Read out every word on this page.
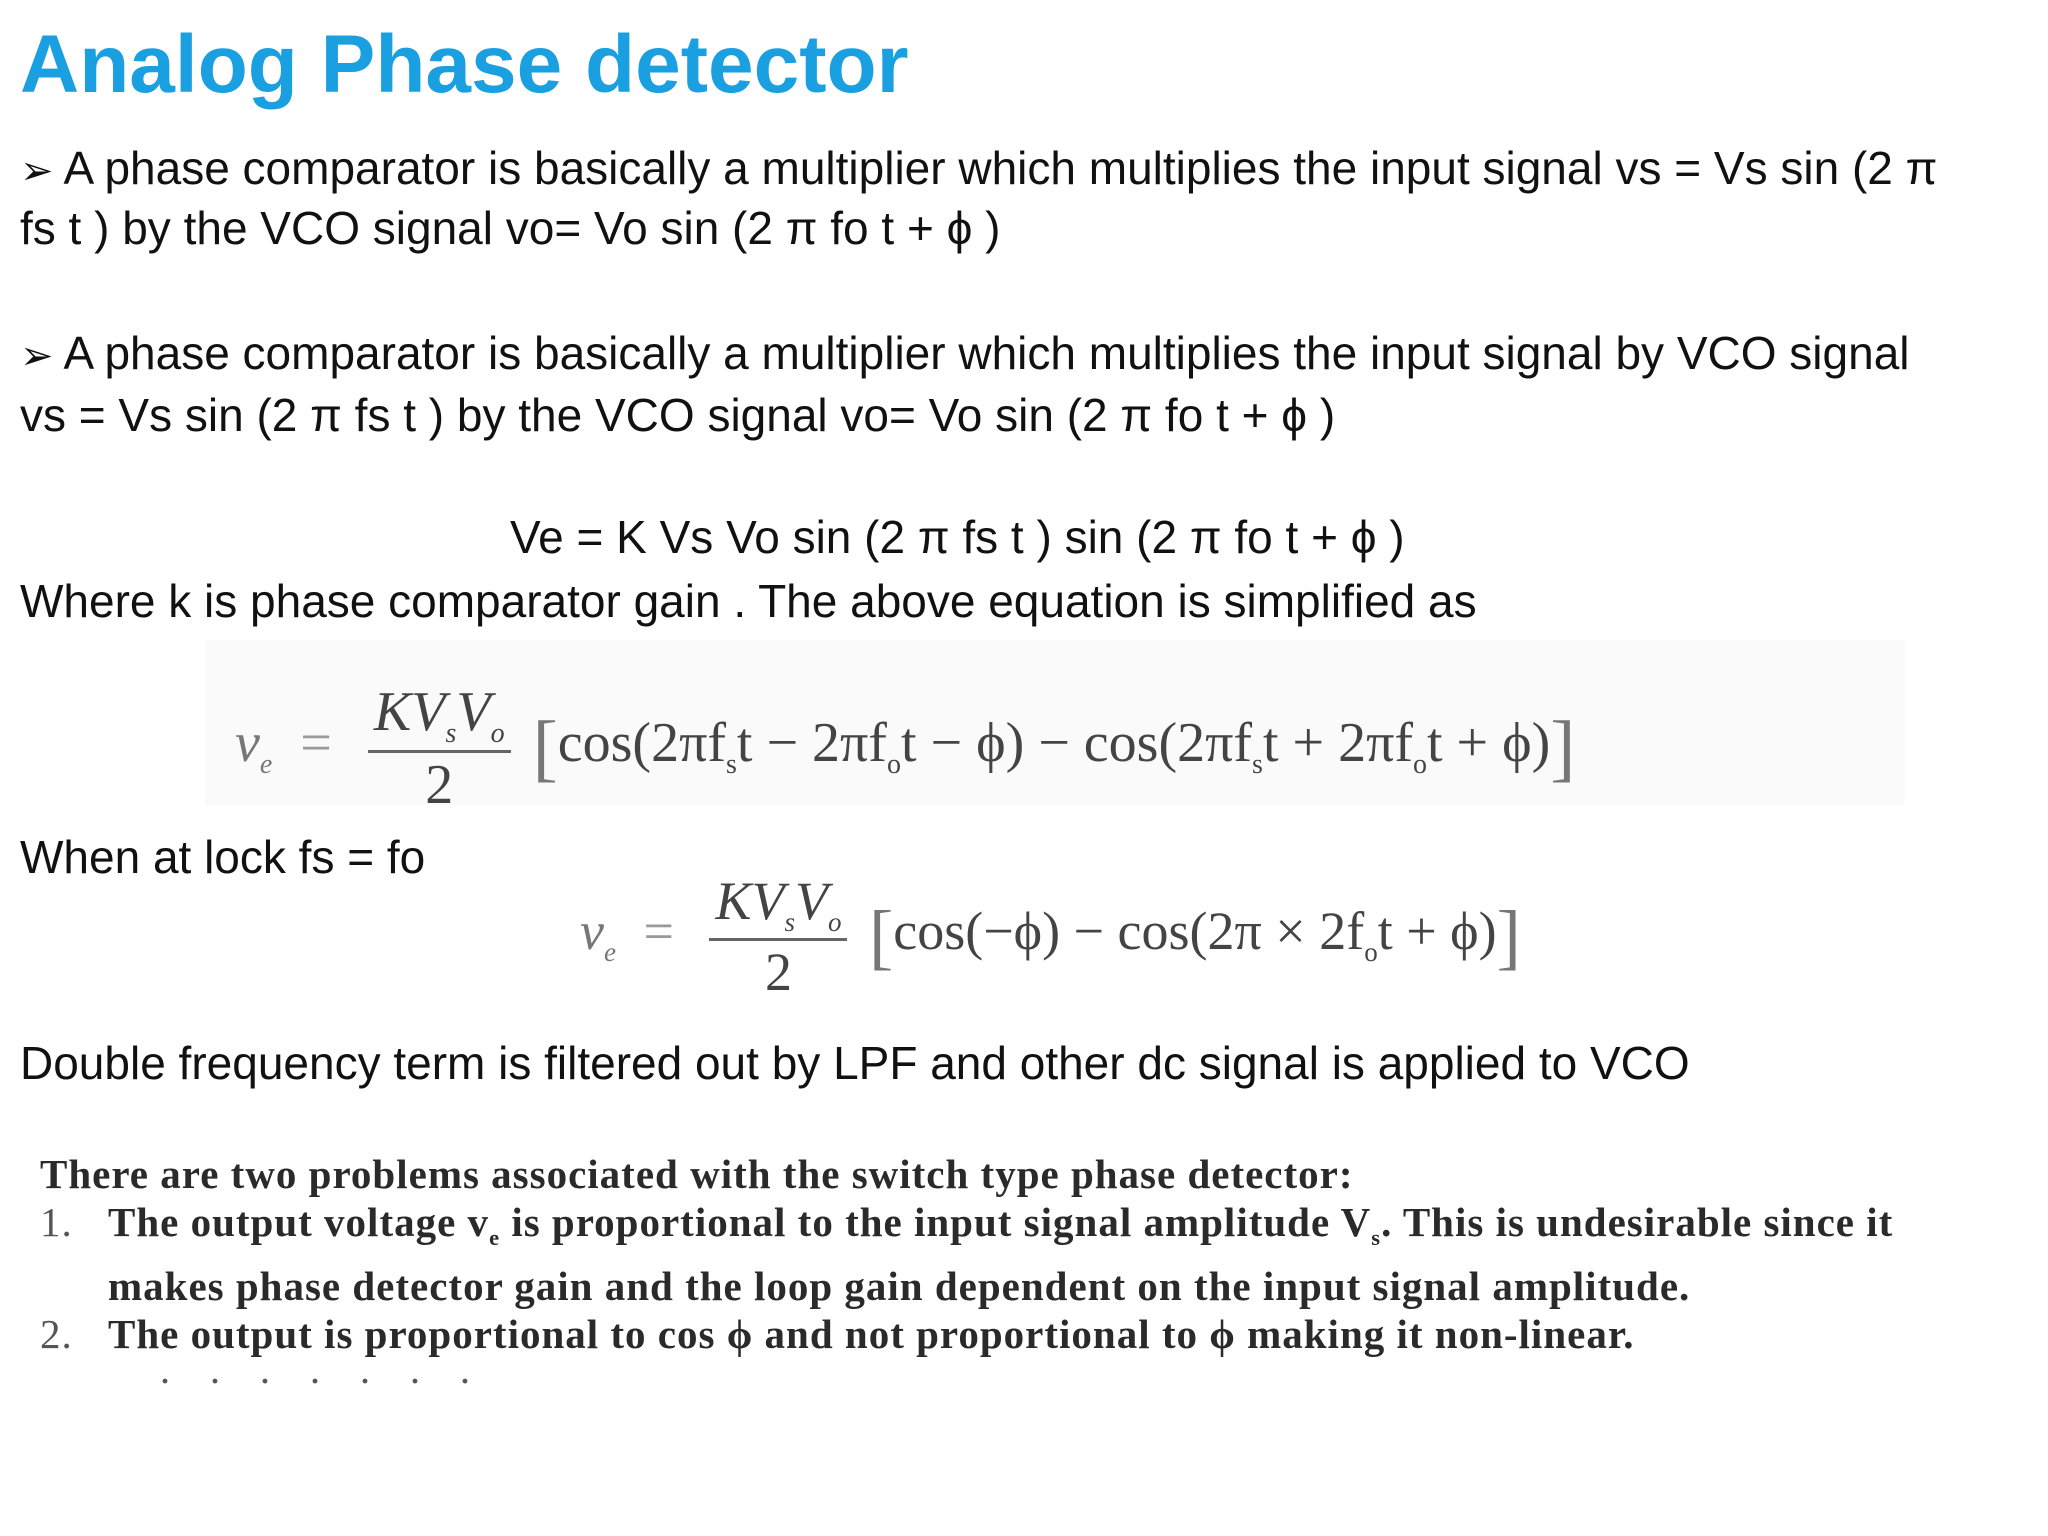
Analog Phase detector
➢ A phase comparator is basically a multiplier which multiplies the input signal vs = Vs sin (2 π
fs t ) by the VCO signal vo= Vo sin (2 π fo t + ϕ )
➢ A phase comparator is basically a multiplier which multiplies the input signal by VCO signal
vs = Vs sin (2 π fs t ) by the VCO signal vo= Vo sin (2 π fo t + ϕ )
Ve = K Vs Vo sin (2 π fs t ) sin (2 π fo t + ϕ )
Where k is phase comparator gain . The above equation is simplified as
$v_e = \frac{KV_sV_o}{2} [\cos(2\pi f_st - 2\pi f_ot - \phi) - \cos(2\pi f_st + 2\pi f_ot + \phi)]$
When at lock fs = fo
$v_e = \frac{KV_sV_o}{2} [\cos(-\phi) - \cos(2\pi \times 2f_ot + \phi)]$
Double frequency term is filtered out by LPF and other dc signal is applied to VCO
There are two problems associated with the switch type phase detector:
1. The output voltage $v_e$ is proportional to the input signal amplitude $V_s$. This is undesirable since it makes phase detector gain and the loop gain dependent on the input signal amplitude.
2. The output is proportional to cos ϕ and not proportional to ϕ making it non-linear.
·······
